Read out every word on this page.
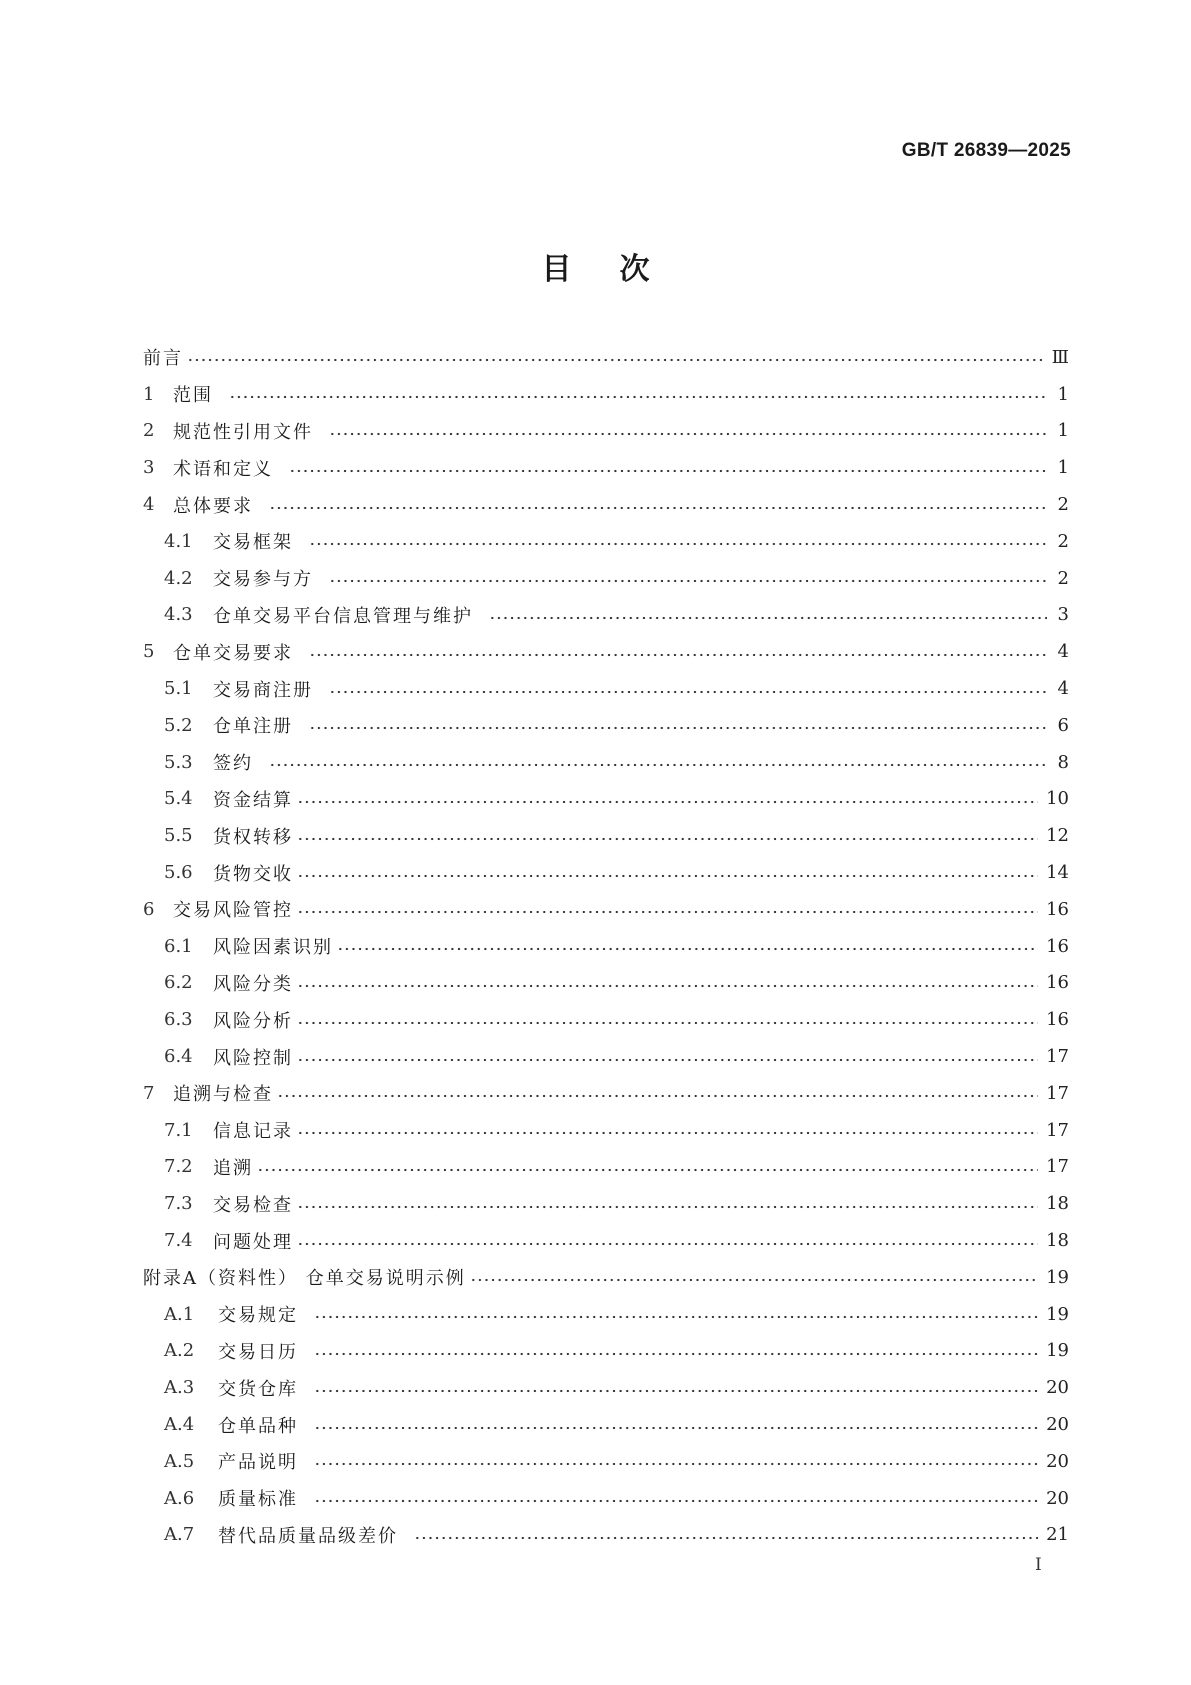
GB/T 26839—2025
目次
前言	Ⅲ
1	范围	1
2	规范性引用文件	1
3	术语和定义	1
4	总体要求	2
4.1	交易框架	2
4.2	交易参与方	2
4.3	仓单交易平台信息管理与维护	3
5	仓单交易要求	4
5.1	交易商注册	4
5.2	仓单注册	6
5.3	签约	8
5.4	资金结算	10
5.5	货权转移	12
5.6	货物交收	14
6	交易风险管控	16
6.1	风险因素识别	16
6.2	风险分类	16
6.3	风险分析	16
6.4	风险控制	17
7	追溯与检查	17
7.1	信息记录	17
7.2	追溯	17
7.3	交易检查	18
7.4	问题处理	18
附录A（资料性） 仓单交易说明示例	19
A.1	交易规定	19
A.2	交易日历	19
A.3	交货仓库	20
A.4	仓单品种	20
A.5	产品说明	20
A.6	质量标准	20
A.7	替代品质量品级差价	21
I
